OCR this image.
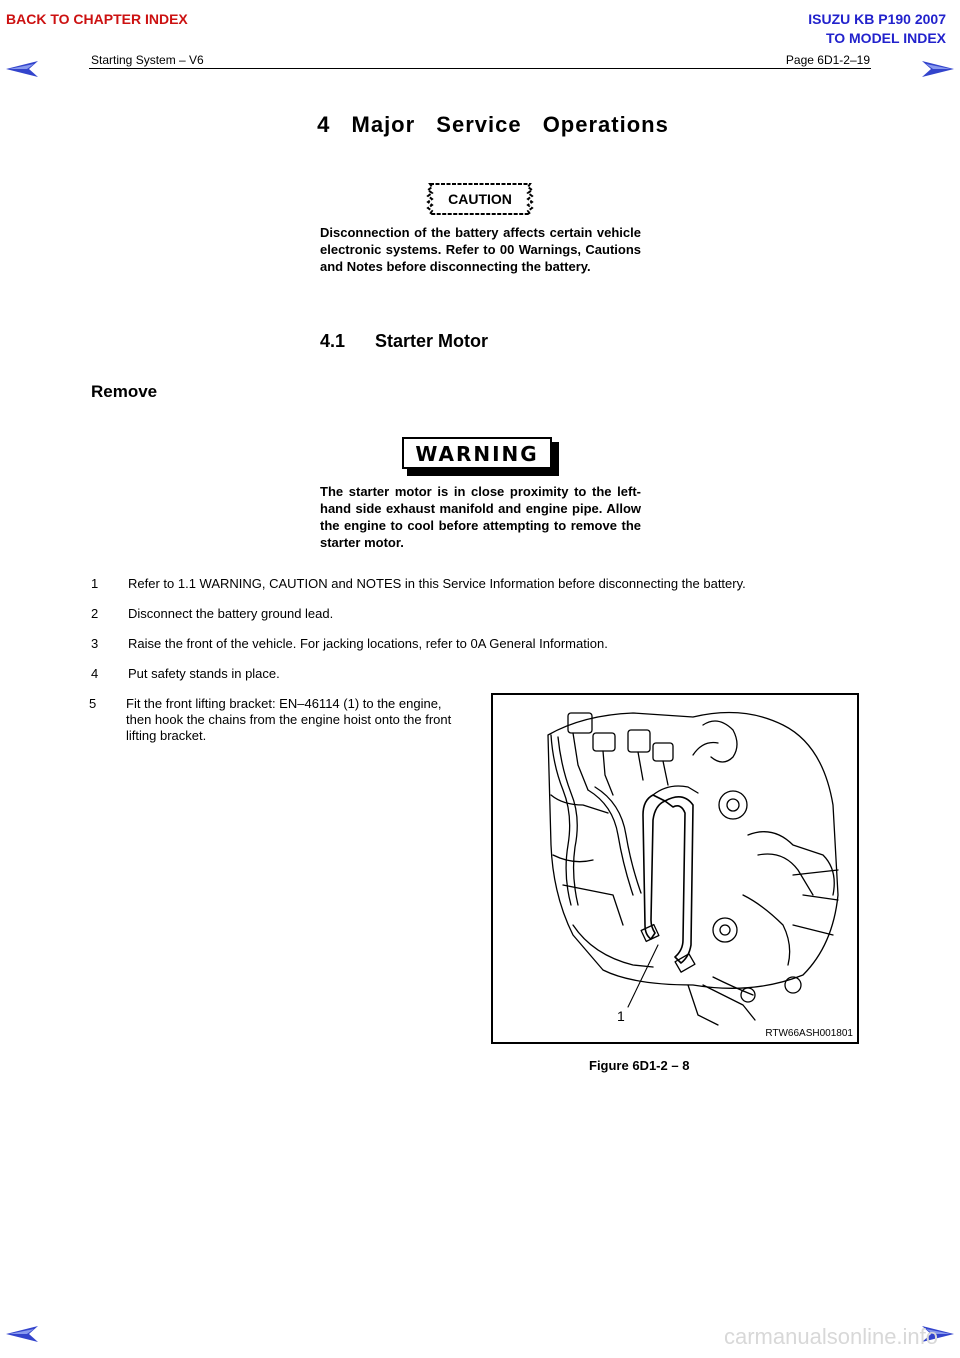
BACK TO CHAPTER INDEX	ISUZU KB P190 2007
TO MODEL INDEX
Starting System – V6	Page 6D1-2–19
4 Major Service Operations
CAUTION
Disconnection of the battery affects certain vehicle electronic systems. Refer to 00 Warnings, Cautions and Notes before disconnecting the battery.
4.1 Starter Motor
Remove
WARNING
The starter motor is in close proximity to the left-hand side exhaust manifold and engine pipe. Allow the engine to cool before attempting to remove the starter motor.
1 Refer to 1.1 WARNING, CAUTION and NOTES in this Service Information before disconnecting the battery.
2 Disconnect the battery ground lead.
3 Raise the front of the vehicle. For jacking locations, refer to 0A General Information.
4 Put safety stands in place.
5 Fit the front lifting bracket: EN–46114 (1) to the engine, then hook the chains from the engine hoist onto the front lifting bracket.
1
RTW66ASH001801
Figure 6D1-2 – 8
carmanualsonline.info
